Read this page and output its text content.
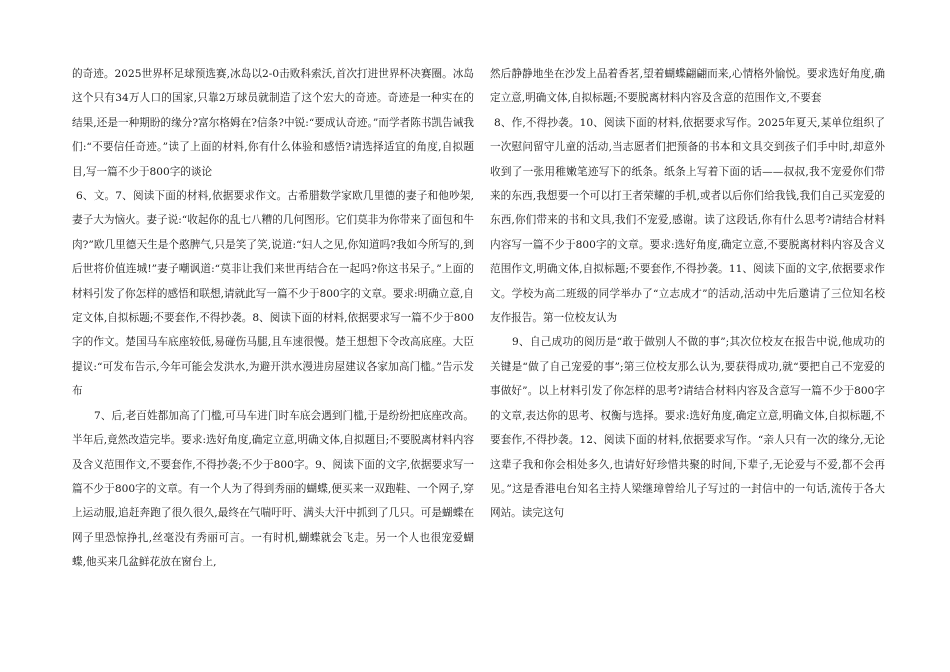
的奇迹。2025世界杯足球预选赛,冰岛以2-0击败科索沃,首次打进世界杯决赛圈。冰岛这个只有34万人口的国家,只靠2万球员就制造了这个宏大的奇迹。奇迹是一种实在的结果,还是一种期盼的缘分?富尔格姆在?信条?中锐:“要成认奇迹。”而学者陈书凯告诫我们:“不要信任奇迹。”读了上面的材料,你有什么体验和感悟?请选择适宜的角度,自拟题目,写一篇不少于800字的谈论

6、文。7、阅读下面的材料,依据要求作文。古希腊数学家欧几里德的妻子和他吵架,妻子大为恼火。妻子说:“收起你的乱七八糟的几何图形。它们莫非为你带来了面包和牛肉?”欧几里德天生是个憨脾气,只是笑了笑,说道:“妇人之见,你知道吗?我如今所写的,到后世将价值连城!”妻子嘲讽道:“莫非让我们来世再结合在一起吗?你这书呆子。”上面的材料引发了你怎样的感悟和联想,请就此写一篇不少于800字的文章。要求:明确立意,自定文体,自拟标题;不要套作,不得抄袭。8、阅读下面的材料,依据要求写一篇不少于800字的作文。楚国马车底座较低,易碰伤马腿,且车速很慢。楚王想想下令改高底座。大臣提议:“可发布告示,今年可能会发洪水,为避开洪水漫进房屋建议各家加高门槛。”告示发布

7、后,老百姓都加高了门槛,可马车进门时车底会遇到门槛,于是纷纷把底座改高。半年后,竟然改造完毕。要求:选好角度,确定立意,明确文体,自拟题目;不要脱离材料内容及含义范围作文,不要套作,不得抄袭;不少于800字。9、阅读下面的文字,依据要求写一篇不少于800字的文章。有一个人为了得到秀丽的蝴蝶,便买来一双跑鞋、一个网子,穿上运动服,追赶奔跑了很久很久,最终在气喘吁吁、满头大汗中抓到了几只。可是蝴蝶在网子里恐惊挣扎,丝毫没有秀丽可言。一有时机,蝴蝶就会飞走。另一个人也很宠爱蝴蝶,他买来几盆鲜花放在窗台上,

然后静静地坐在沙发上品着香茗,望着蝴蝶翩翩而来,心情格外愉悦。要求选好角度,确定立意,明确文体,自拟标题;不要脱离材料内容及含意的范围作文,不要套

8、作,不得抄袭。10、阅读下面的材料,依据要求写作。2025年夏天,某单位组织了一次慰问留守儿童的活动,当志愿者们把预备的书本和文具交到孩子们手中时,却意外收到了一张用稚嫩笔迹写下的纸条。纸条上写着下面的话——叔叔,我不宠爱你们带来的东西,我想要一个可以打王者荣耀的手机,或者以后你们给我钱,我们自己买宠爱的东西,你们带来的书和文具,我们不宠爱,感谢。读了这段话,你有什么思考?请结合材料内容写一篇不少于800字的文章。要求:选好角度,确定立意,不要脱离材料内容及含义范围作文,明确文体,自拟标题;不要套作,不得抄袭。11、阅读下面的文字,依据要求作文。学校为高二班级的同学举办了“立志成才”的活动,活动中先后邀请了三位知名校友作报告。第一位校友认为

9、自己成功的阅历是“敢于做别人不做的事”;其次位校友在报告中说,他成功的关键是“做了自己宠爱的事”;第三位校友那么认为,要获得成功,就“要把自己不宠爱的事做好”。以上材料引发了你怎样的思考?请结合材料内容及含意写一篇不少于800字的文章,表达你的思考、权衡与选择。要求:选好角度,确定立意,明确文体,自拟标题,不要套作,不得抄袭。12、阅读下面的材料,依据要求写作。“亲人只有一次的缘分,无论这辈子我和你会相处多久,也请好好珍惜共聚的时间,下辈子,无论爱与不爱,都不会再见。”这是香港电台知名主持人梁继璋曾给儿子写过的一封信中的一句话,流传于各大网站。读完这句
